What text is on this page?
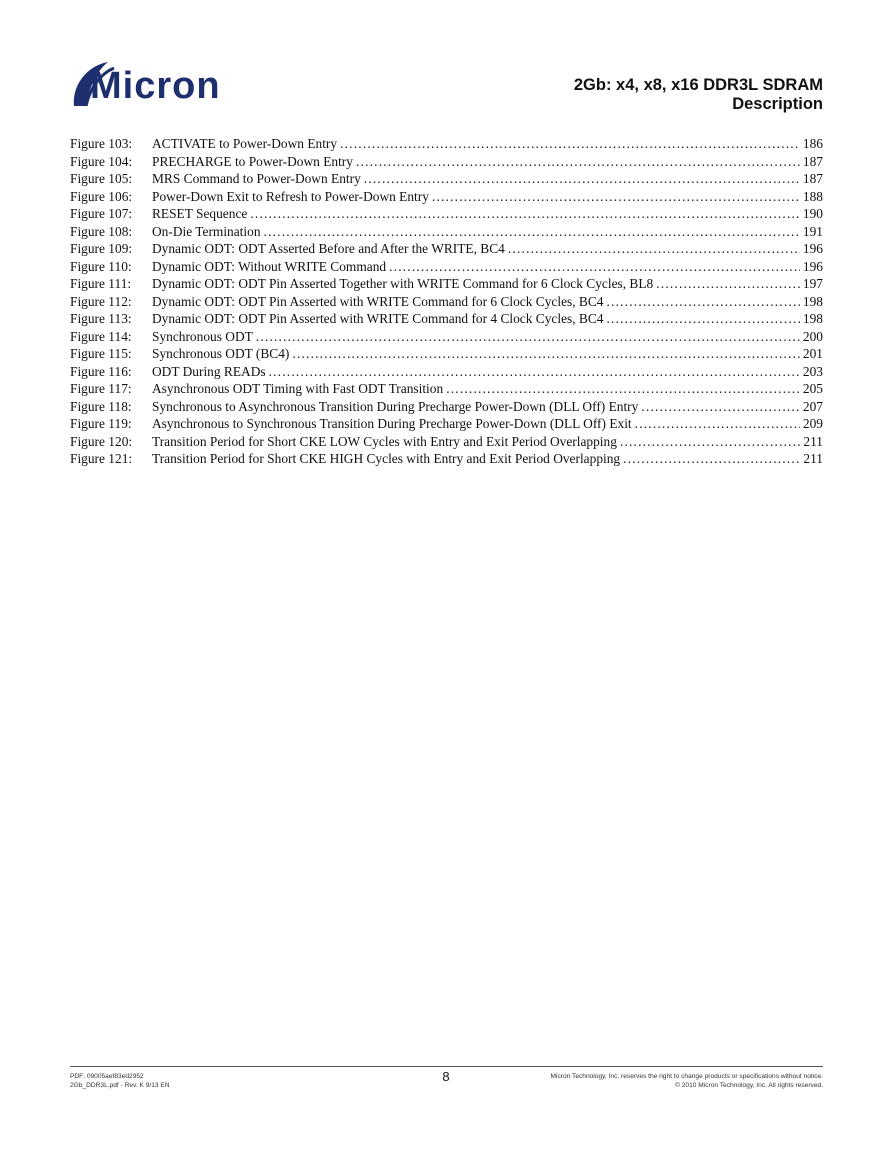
Micron	2Gb: x4, x8, x16 DDR3L SDRAM
Description
Figure 103:	ACTIVATE to Power-Down Entry .....	186
Figure 104:	PRECHARGE to Power-Down Entry .....	187
Figure 105:	MRS Command to Power-Down Entry .....	187
Figure 106:	Power-Down Exit to Refresh to Power-Down Entry .....	188
Figure 107:	RESET Sequence .....	190
Figure 108:	On-Die Termination .....	191
Figure 109:	Dynamic ODT: ODT Asserted Before and After the WRITE, BC4 .....	196
Figure 110:	Dynamic ODT: Without WRITE Command .....	196
Figure 111:	Dynamic ODT: ODT Pin Asserted Together with WRITE Command for 6 Clock Cycles, BL8 .....	197
Figure 112:	Dynamic ODT: ODT Pin Asserted with WRITE Command for 6 Clock Cycles, BC4 .....	198
Figure 113:	Dynamic ODT: ODT Pin Asserted with WRITE Command for 4 Clock Cycles, BC4 .....	198
Figure 114:	Synchronous ODT .....	200
Figure 115:	Synchronous ODT (BC4) .....	201
Figure 116:	ODT During READs .....	203
Figure 117:	Asynchronous ODT Timing with Fast ODT Transition .....	205
Figure 118:	Synchronous to Asynchronous Transition During Precharge Power-Down (DLL Off) Entry .....	207
Figure 119:	Asynchronous to Synchronous Transition During Precharge Power-Down (DLL Off) Exit .....	209
Figure 120:	Transition Period for Short CKE LOW Cycles with Entry and Exit Period Overlapping .....	211
Figure 121:	Transition Period for Short CKE HIGH Cycles with Entry and Exit Period Overlapping .....	211
PDF: 09005aef83ed2952
2Gb_DDR3L.pdf - Rev. K 9/13 EN
8	Micron Technology, Inc. reserves the right to change products or specifications without notice.
© 2010 Micron Technology, Inc. All rights reserved.
